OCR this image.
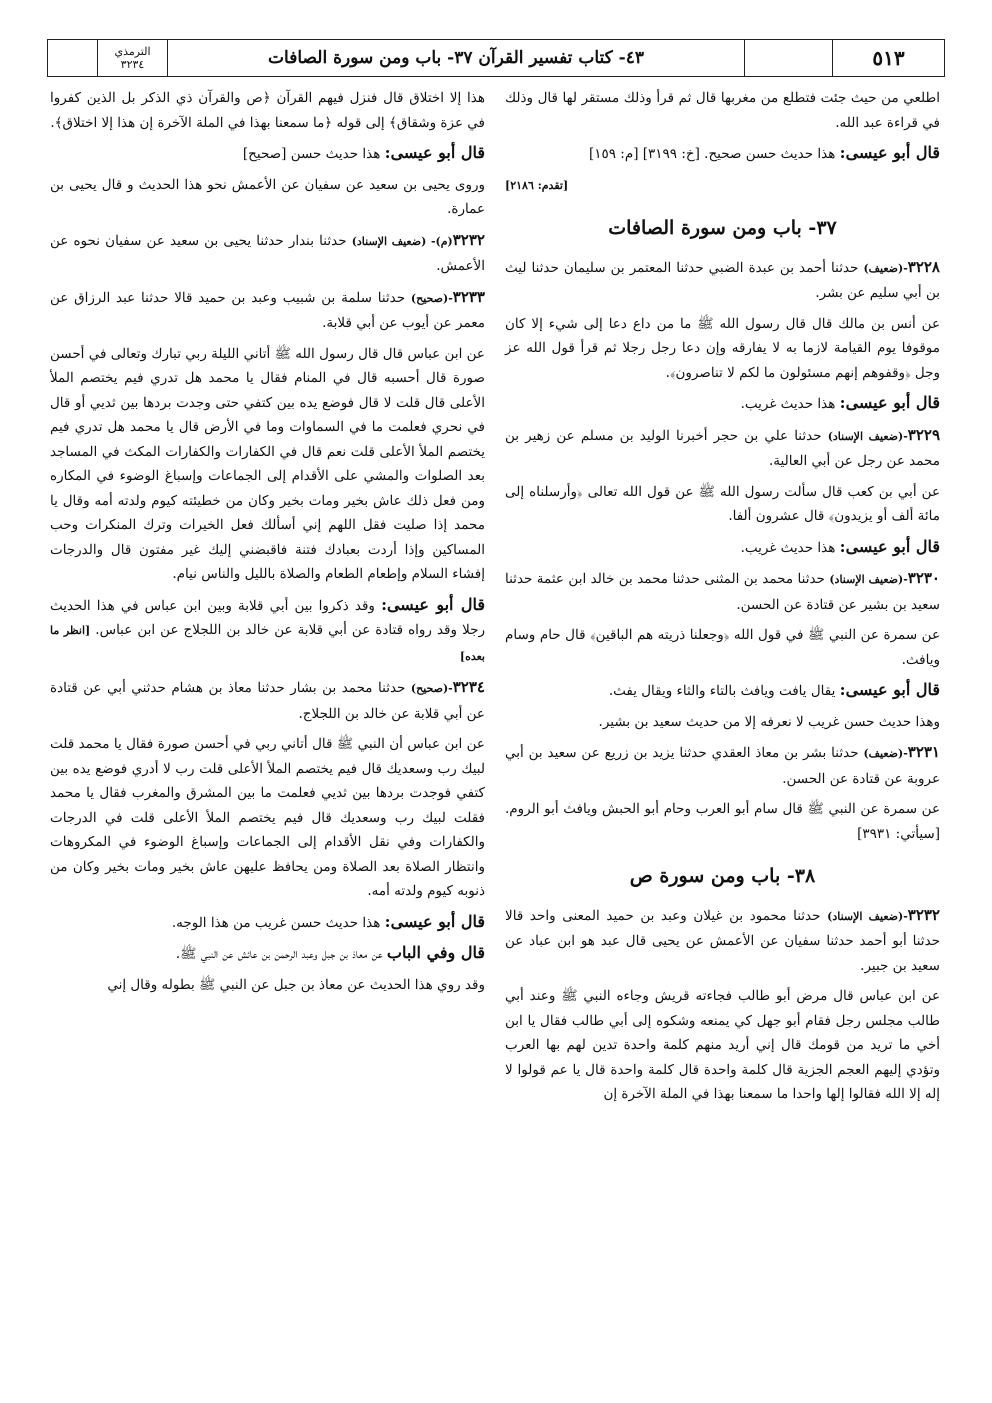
الترمذي
٣٢٣٤	٤٣- كتاب تفسير القرآن ٣٧- باب ومن سورة الصافات	٥١٣

اطلعي من حيث جئت فتطلع من مغربها قال ثم قرأ وذلك مستقر لها قال وذلك في قراءة عبد الله.

قال أبو عيسى: هذا حديث حسن صحيح. [خ: ٣١٩٩] [م: ١٥٩]

[تقدم: ٢١٨٦]

٣٧- باب ومن سورة الصافات

٣٢٢٨-(ضعيف) حدثنا أحمد بن عبدة الضبي حدثنا المعتمر بن سليمان حدثنا ليث بن أبي سليم عن بشر.

عن أنس بن مالك قال قال رسول الله ﷺ ما من داع دعا إلى شيء إلا كان موقوفا يوم القيامة لازما به لا يفارقه وإن دعا رجل رجلا ثم قرأ قول الله عز وجل ﴿وقفوهم إنهم مسئولون ما لكم لا تناصرون﴾.

قال أبو عيسى: هذا حديث غريب.

٣٢٢٩-(ضعيف الإسناد) حدثنا علي بن حجر أخبرنا الوليد بن مسلم عن زهير بن محمد عن رجل عن أبي العالية.

عن أبي بن كعب قال سألت رسول الله ﷺ عن قول الله تعالى ﴿وأرسلناه إلى مائة ألف أو يزيدون﴾ قال عشرون ألفا.

قال أبو عيسى: هذا حديث غريب.

٣٢٣٠-(ضعيف الإسناد) حدثنا محمد بن المثنى حدثنا محمد بن خالد ابن عثمة حدثنا سعيد بن بشير عن قتادة عن الحسن.

عن سمرة عن النبي ﷺ في قول الله ﴿وجعلنا ذريته هم الباقين﴾ قال حام وسام ويافث.

قال أبو عيسى: يقال يافت ويافث بالتاء والثاء ويقال يفث.

وهذا حديث حسن غريب لا نعرفه إلا من حديث سعيد بن بشير.

٣٢٣١-(ضعيف) حدثنا بشر بن معاذ العقدي حدثنا يزيد بن زريع عن سعيد بن أبي عروبة عن قتادة عن الحسن.

عن سمرة عن النبي ﷺ قال سام أبو العرب وحام أبو الحبش ويافث أبو الروم. [سيأتي: ٣٩٣١]

٣٨- باب ومن سورة ص

٣٢٣٢-(ضعيف الإسناد) حدثنا محمود بن غيلان وعبد بن حميد المعنى واحد قالا حدثنا أبو أحمد حدثنا سفيان عن الأعمش عن يحيى قال عبد هو ابن عباد عن سعيد بن جبير.

عن ابن عباس قال مرض أبو طالب فجاءته قريش وجاءه النبي ﷺ وعند أبي طالب مجلس رجل فقام أبو جهل كي يمنعه وشكوه إلى أبي طالب فقال يا ابن أخي ما تريد من قومك قال إني أريد منهم كلمة واحدة تدين لهم بها العرب وتؤدي إليهم العجم الجزية قال كلمة واحدة قال كلمة واحدة قال يا عم قولوا لا إله إلا الله فقالوا إلها واحدا ما سمعنا بهذا في الملة الآخرة إن

هذا إلا اختلاق قال فنزل فيهم القرآن ﴿ص والقرآن ذي الذكر بل الذين كفروا في عزة وشقاق﴾ إلى قوله ﴿ما سمعنا بهذا في الملة الآخرة إن هذا إلا اختلاق﴾.

قال أبو عيسى: هذا حديث حسن [صحيح]

وروى يحيى بن سعيد عن سفيان عن الأعمش نحو هذا الحديث و قال يحيى بن عمارة.

٣٢٣٢(م)- (ضعيف الإسناد) حدثنا بندار حدثنا يحيى بن سعيد عن سفيان نحوه عن الأعمش.

٣٢٣٣-(صحيح) حدثنا سلمة بن شبيب وعبد بن حميد قالا حدثنا عبد الرزاق عن معمر عن أيوب عن أبي قلابة.

عن ابن عباس قال قال رسول الله ﷺ أتاني الليلة ربي تبارك وتعالى في أحسن صورة قال أحسبه قال في المنام فقال يا محمد هل تدري فيم يختصم الملأ الأعلى قال قلت لا قال فوضع يده بين كتفي حتى وجدت بردها بين ثديي أو قال في نحري فعلمت ما في السماوات وما في الأرض قال يا محمد هل تدري فيم يختصم الملأ الأعلى قلت نعم قال في الكفارات والكفارات المكث في المساجد بعد الصلوات والمشي على الأقدام إلى الجماعات وإسباغ الوضوء في المكاره ومن فعل ذلك عاش بخير ومات بخير وكان من خطيئته كيوم ولدته أمه وقال يا محمد إذا صليت فقل اللهم إني أسألك فعل الخيرات وترك المنكرات وحب المساكين وإذا أردت بعبادك فتنة فاقبضني إليك غير مفتون قال والدرجات إفشاء السلام وإطعام الطعام والصلاة بالليل والناس نيام.

قال أبو عيسى: وقد ذكروا بين أبي قلابة وبين ابن عباس في هذا الحديث رجلا وقد رواه قتادة عن أبي قلابة عن خالد بن اللجلاج عن ابن عباس. [انظر ما بعده]

٣٢٣٤-(صحيح) حدثنا محمد بن بشار حدثنا معاذ بن هشام حدثني أبي عن قتادة عن أبي قلابة عن خالد بن اللجلاج.

عن ابن عباس أن النبي ﷺ قال أتاني ربي في أحسن صورة فقال يا محمد قلت لبيك رب وسعديك قال فيم يختصم الملأ الأعلى قلت رب لا أدري فوضع يده بين كتفي فوجدت بردها بين ثديي فعلمت ما بين المشرق والمغرب فقال يا محمد فقلت لبيك رب وسعديك قال فيم يختصم الملأ الأعلى قلت في الدرجات والكفارات وفي نقل الأقدام إلى الجماعات وإسباغ الوضوء في المكروهات وانتظار الصلاة بعد الصلاة ومن يحافظ عليهن عاش بخير ومات بخير وكان من ذنوبه كيوم ولدته أمه.

قال أبو عيسى: هذا حديث حسن غريب من هذا الوجه.

قال وفي الباب عن معاذ بن جبل وعبد الرحمن بن عائش عن النبي ﷺ.

وقد روي هذا الحديث عن معاذ بن جبل عن النبي ﷺ بطوله وقال إني
